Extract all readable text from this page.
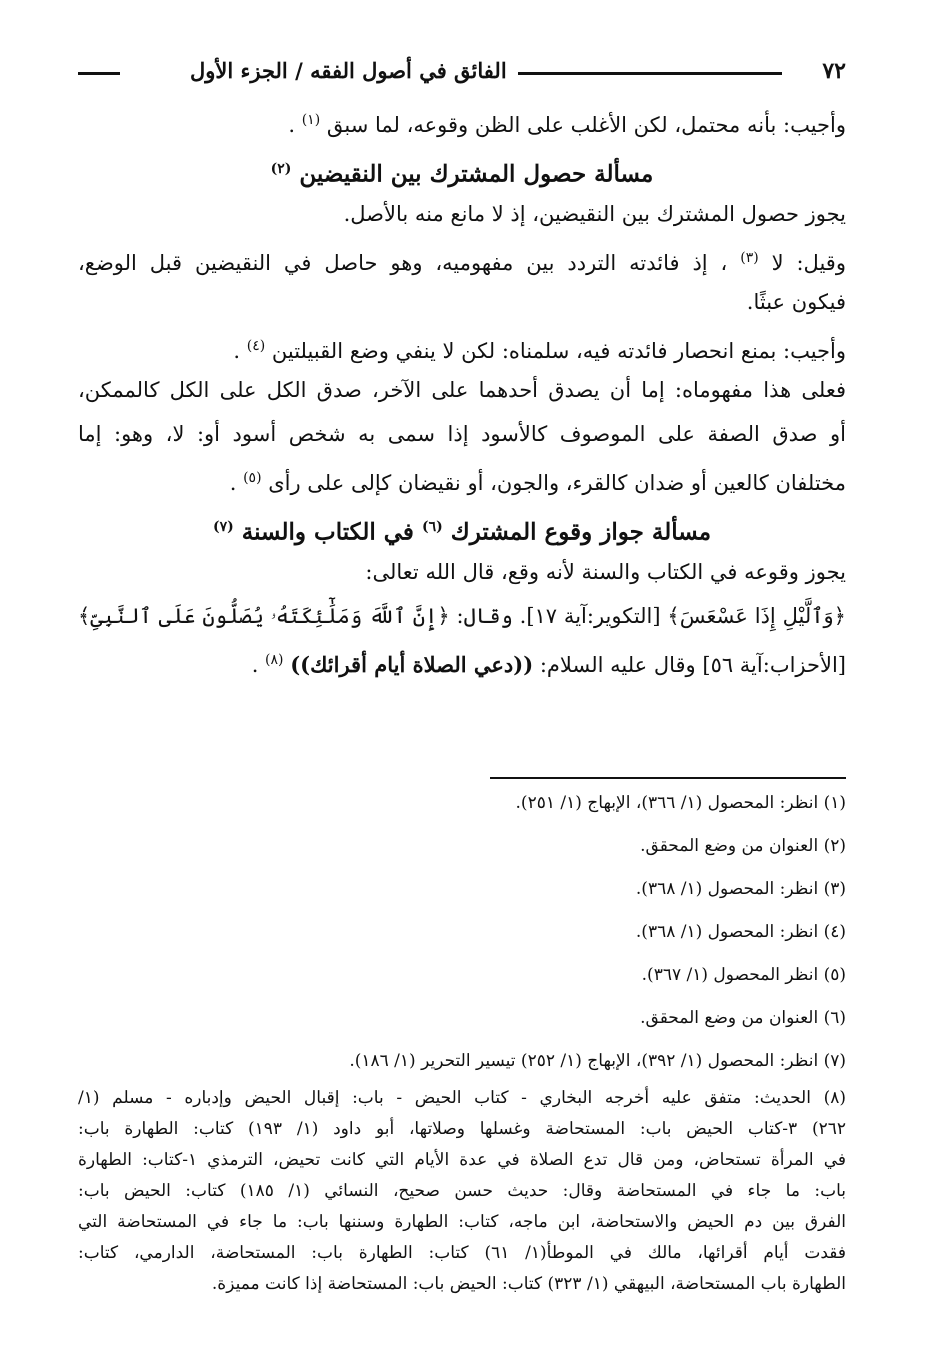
٧٢
الفائق في أصول الفقه / الجزء الأول

وأجيب: بأنه محتمل، لكن الأغلب على الظن وقوعه، لما سبق $^{(١)}$ .

مسألة حصول المشترك بين النقيضين $^{(٢)}$

يجوز حصول المشترك بين النقيضين، إذ لا مانع منه بالأصل.

وقيل: لا $^{(٣)}$ ، إذ فائدته التردد بين مفهوميه، وهو حاصل في النقيضين قبل الوضع،

فيكون عبثًا.

وأجيب: بمنع انحصار فائدته فيه، سلمناه: لكن لا ينفي وضع القبيلتين $^{(٤)}$ .

فعلى هذا مفهوماه: إما أن يصدق أحدهما على الآخر، صدق الكل على الكل كالممكن،

أو صدق الصفة على الموصوف كالأسود إذا سمى به شخص أسود أو: لا، وهو: إما

مختلفان كالعين أو ضدان كالقرء، والجون، أو نقيضان كإلى على رأى $^{(٥)}$ .

مسألة جواز وقوع المشترك $^{(٦)}$ في الكتاب والسنة $^{(٧)}$

يجوز وقوعه في الكتاب والسنة لأنه وقع، قال الله تعالى:

﴿وَٱلَّيْلِ إِذَا عَسْعَسَ﴾ [التكوير:آية ١٧]. وقال: ﴿إِنَّ ٱللَّهَ وَمَلَٰٓئِكَتَهُۥ يُصَلُّونَ عَلَى ٱلنَّبِىِّ﴾

[الأحزاب:آية ٥٦] وقال عليه السلام: ((دعي الصلاة أيام أقرائك)) $^{(٨)}$ .

(١) انظر: المحصول (١/ ٣٦٦)، الإبهاج (١/ ٢٥١).

(٢) العنوان من وضع المحقق.

(٣) انظر: المحصول (١/ ٣٦٨).

(٤) انظر: المحصول (١/ ٣٦٨).

(٥) انظر المحصول (١/ ٣٦٧).

(٦) العنوان من وضع المحقق.

(٧) انظر: المحصول (١/ ٣٩٢)، الإبهاج (١/ ٢٥٢) تيسير التحرير (١/ ١٨٦).

(٨) الحديث: متفق عليه أخرجه البخاري - كتاب الحيض - باب: إقبال الحيض وإدباره - مسلم (١/
٢٦٢) ٣-كتاب الحيض باب: المستحاضة وغسلها وصلاتها، أبو داود (١/ ١٩٣) كتاب: الطهارة باب:
في المرأة تستحاض، ومن قال تدع الصلاة في عدة الأيام التي كانت تحيض، الترمذي ١-كتاب: الطهارة
باب: ما جاء في المستحاضة وقال: حديث حسن صحيح، النسائي (١/ ١٨٥) كتاب: الحيض باب:
الفرق بين دم الحيض والاستحاضة، ابن ماجه، كتاب: الطهارة وسننها باب: ما جاء في المستحاضة التي
فقدت أيام أقرائها، مالك في الموطأ(١/ ٦١) كتاب: الطهارة باب: المستحاضة، الدارمي، كتاب:
الطهارة باب المستحاضة، البيهقي (١/ ٣٢٣) كتاب: الحيض باب: المستحاضة إذا كانت مميزة.
